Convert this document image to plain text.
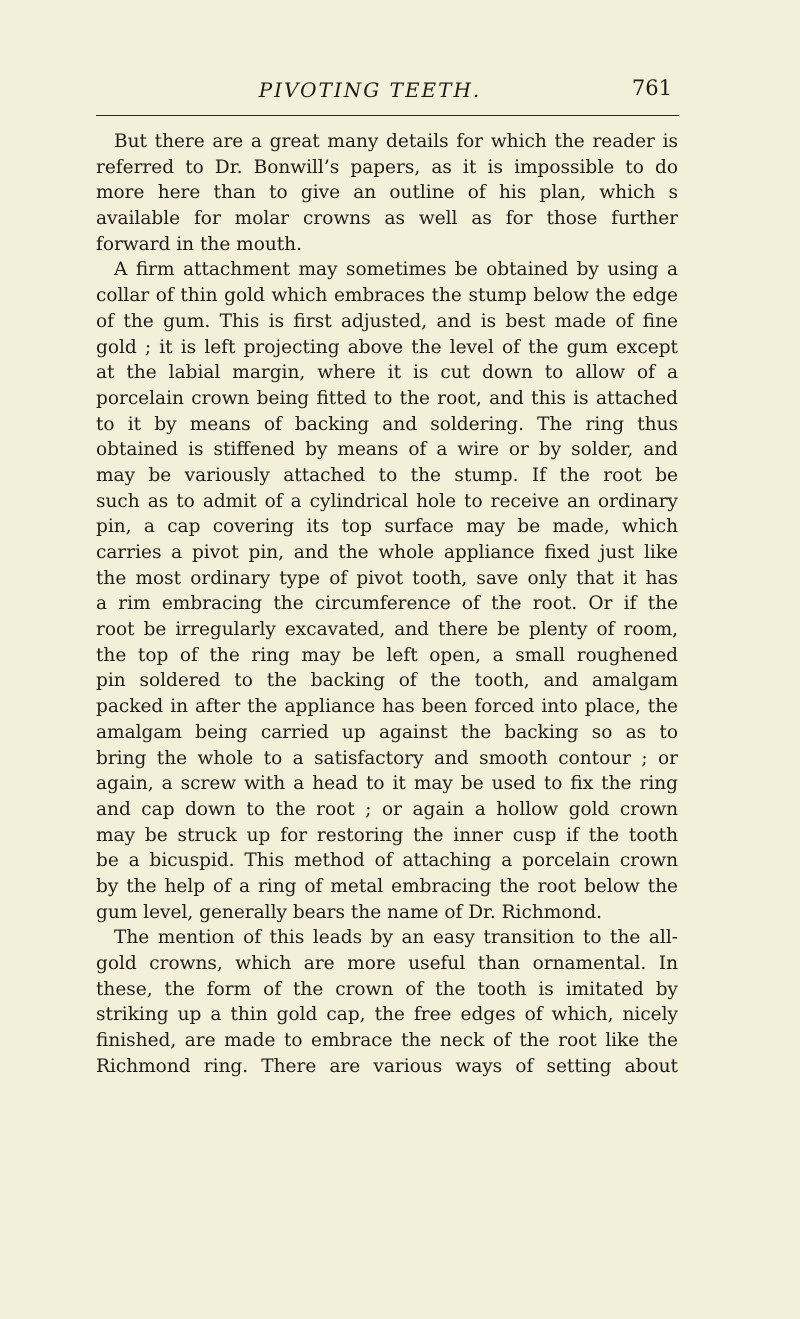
PIVOTING TEETH.	761
But there are a great many details for which the reader is
referred to Dr. Bonwill’s papers, as it is impossible to do
more here than to give an outline of his plan, which s
available for molar crowns as well as for those further
forward in the mouth.
A firm attachment may sometimes be obtained by using a
collar of thin gold which embraces the stump below the edge
of the gum. This is first adjusted, and is best made of fine
gold ; it is left projecting above the level of the gum except
at the labial margin, where it is cut down to allow of a
porcelain crown being fitted to the root, and this is attached
to it by means of backing and soldering. The ring thus
obtained is stiffened by means of a wire or by solder, and
may be variously attached to the stump. If the root be
such as to admit of a cylindrical hole to receive an ordinary
pin, a cap covering its top surface may be made, which
carries a pivot pin, and the whole appliance fixed just like
the most ordinary type of pivot tooth, save only that it has
a rim embracing the circumference of the root. Or if the
root be irregularly excavated, and there be plenty of room,
the top of the ring may be left open, a small roughened
pin soldered to the backing of the tooth, and amalgam
packed in after the appliance has been forced into place, the
amalgam being carried up against the backing so as to
bring the whole to a satisfactory and smooth contour ; or
again, a screw with a head to it may be used to fix the ring
and cap down to the root ; or again a hollow gold crown
may be struck up for restoring the inner cusp if the tooth
be a bicuspid. This method of attaching a porcelain crown
by the help of a ring of metal embracing the root below the
gum level, generally bears the name of Dr. Richmond.
The mention of this leads by an easy transition to the all-
gold crowns, which are more useful than ornamental. In
these, the form of the crown of the tooth is imitated by
striking up a thin gold cap, the free edges of which, nicely
finished, are made to embrace the neck of the root like the
Richmond ring. There are various ways of setting about
